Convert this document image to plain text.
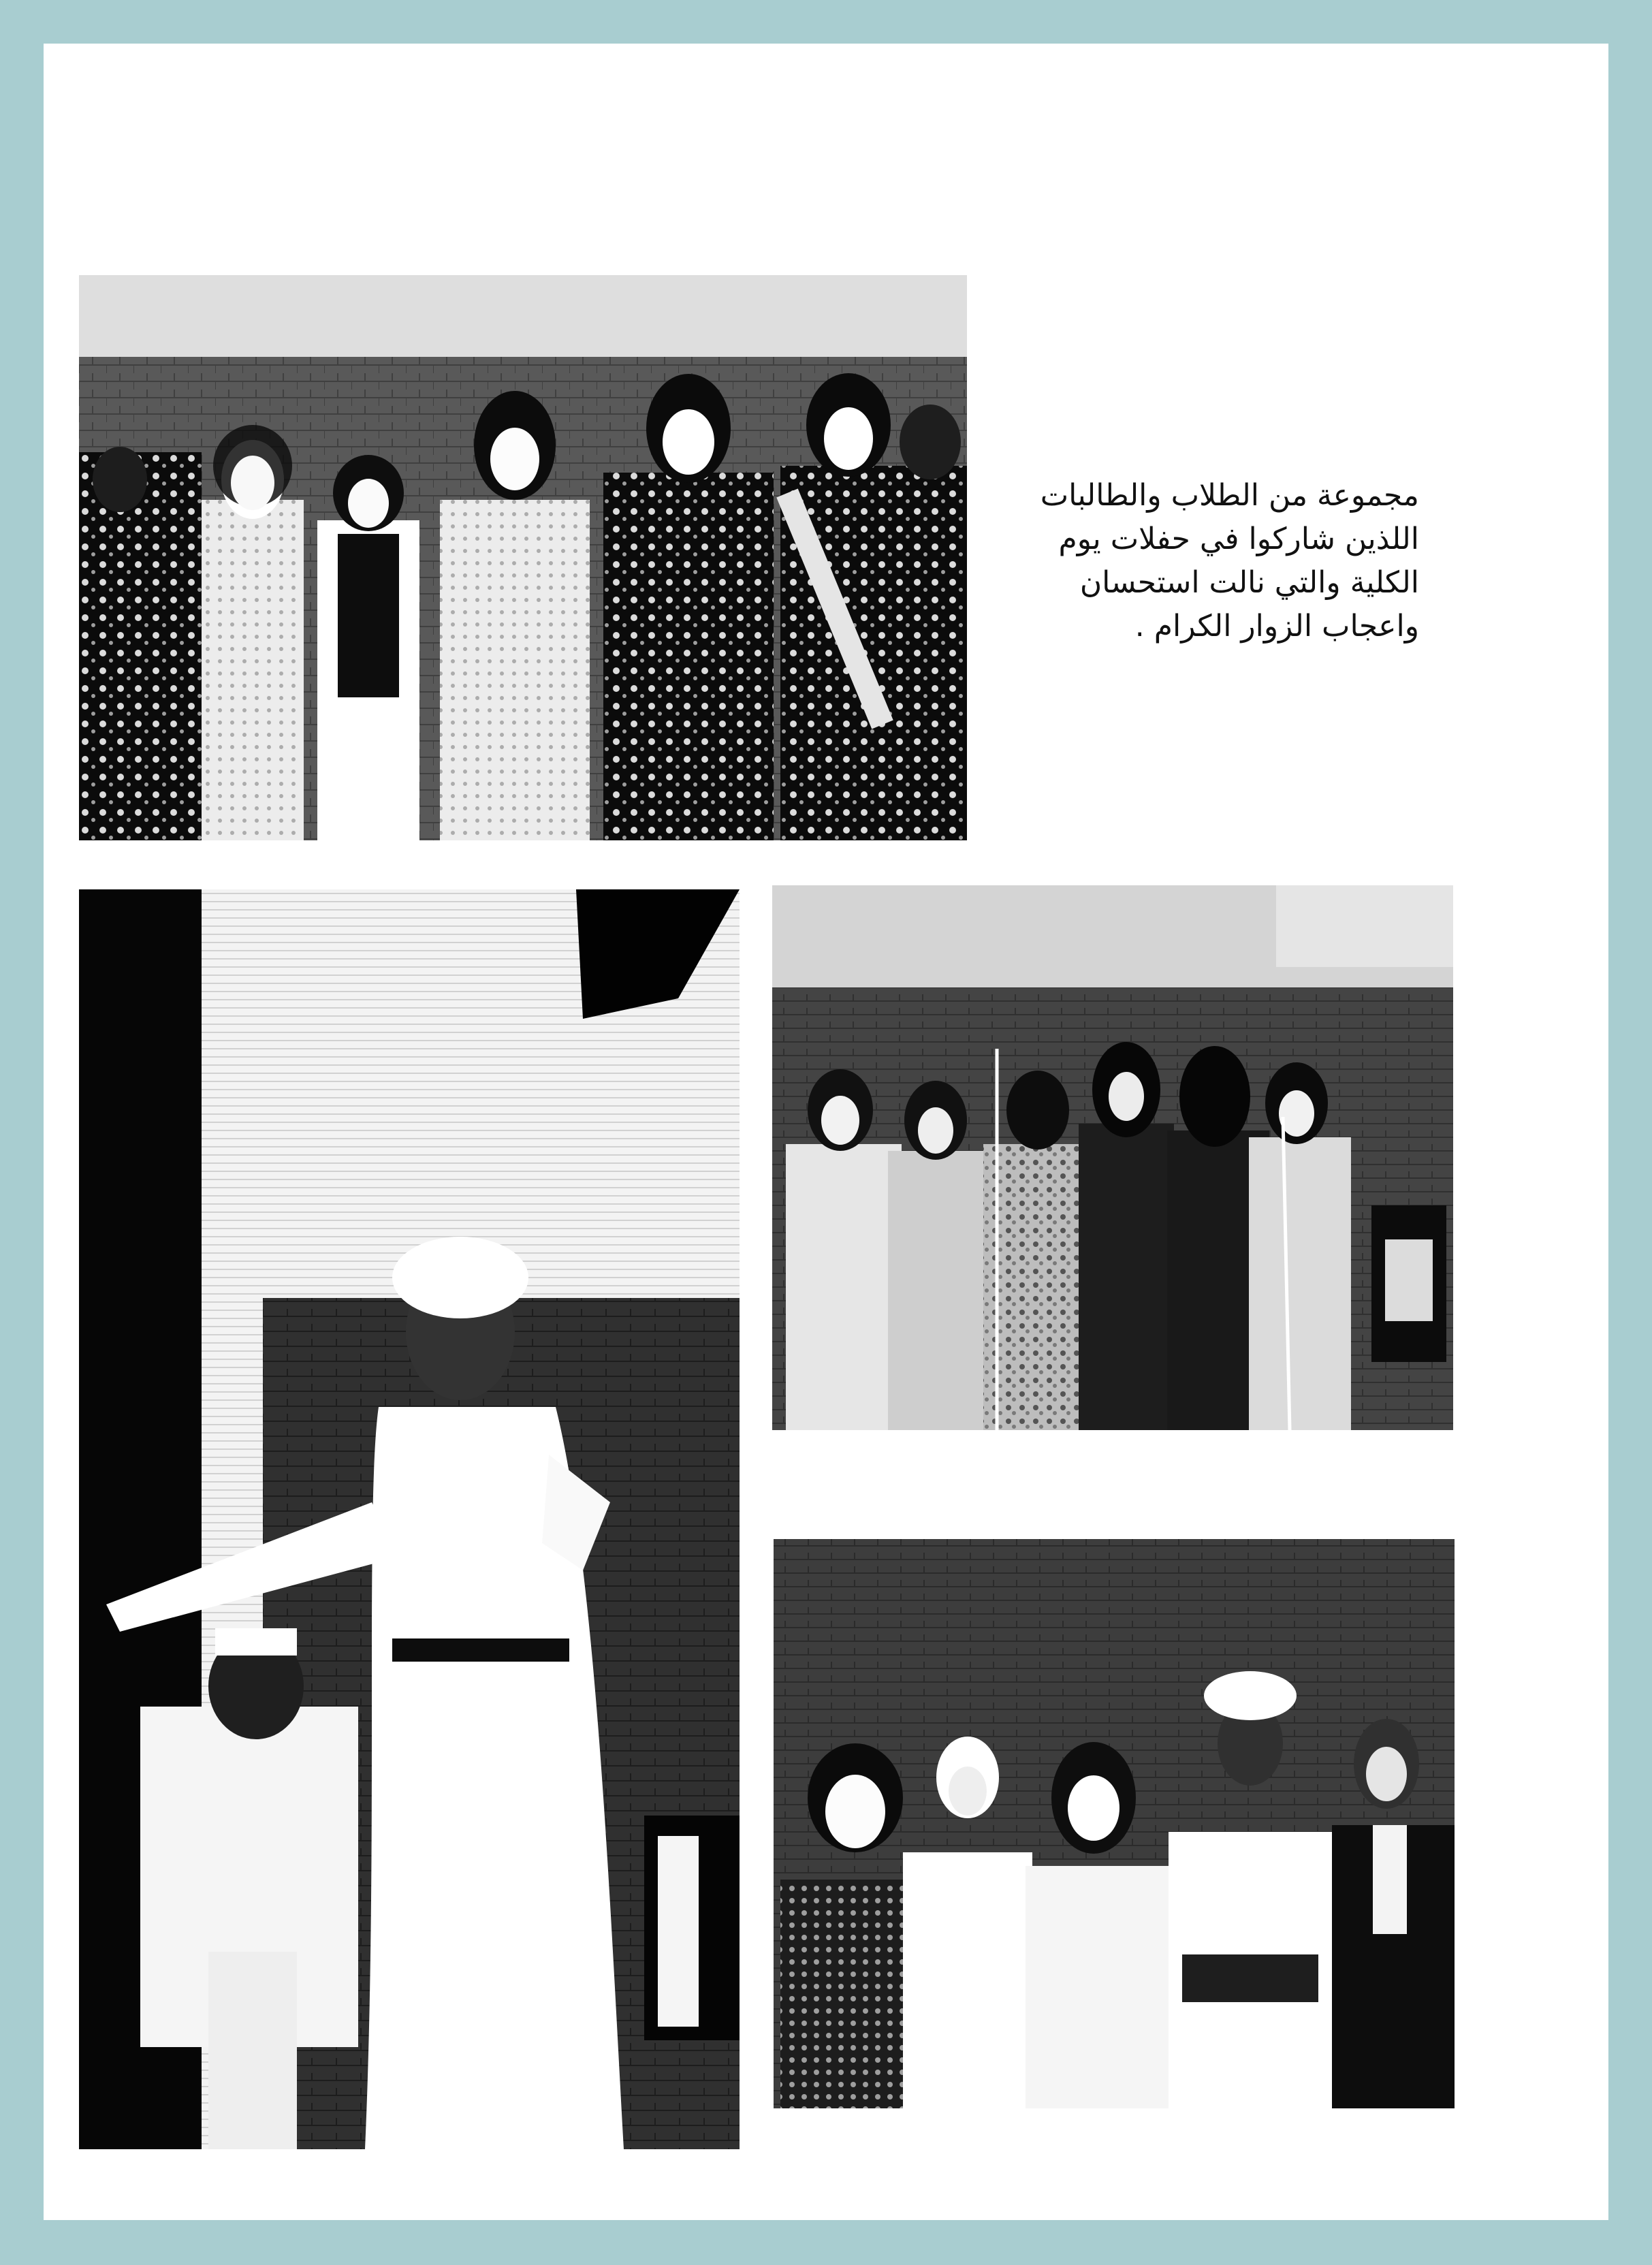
مجموعة من الطلاب والطالبات
اللذين شاركوا في حفلات يوم
الكلية والتي نالت استحسان
واعجاب الزوار الكرام .
